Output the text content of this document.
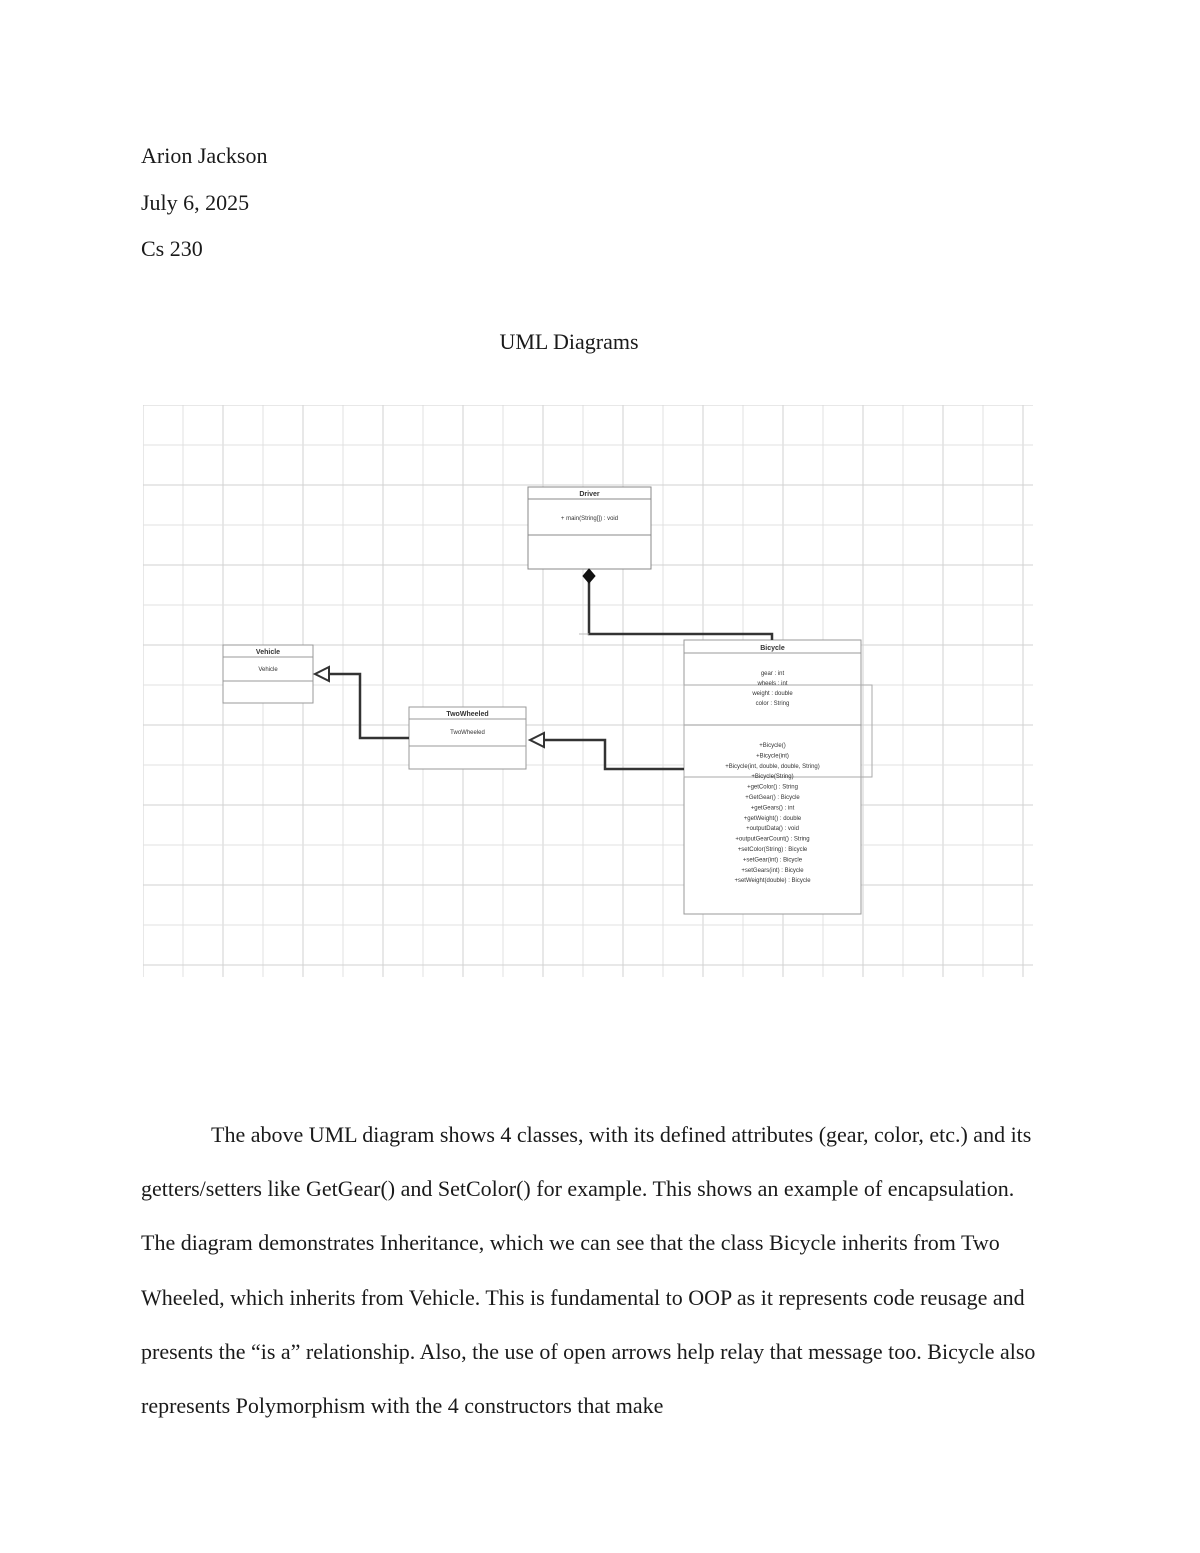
Arion Jackson

July 6, 2025

Cs 230

UML Diagrams
Driver
+ main(String[]) : void
Vehicle
Vehicle
TwoWheeled
TwoWheeled
Bicycle
gear : int
wheels : int
weight : double
color : String
+Bicycle()
+Bicycle(int)
+Bicycle(int, double, double, String)
+Bicycle(String)
+getColor() : String
+GetGear() : Bicycle
+getGears() : int
+getWeight() : double
+outputData() : void
+outputGearCount() : String
+setColor(String) : Bicycle
+setGear(int) : Bicycle
+setGears(int) : Bicycle
+setWeight(double) : Bicycle

The above UML diagram shows 4 classes, with its defined attributes (gear, color, etc.) and its getters/setters like GetGear() and SetColor() for example. This shows an example of encapsulation. The diagram demonstrates Inheritance, which we can see that the class Bicycle inherits from Two Wheeled, which inherits from Vehicle. This is fundamental to OOP as it represents code reusage and presents the “is a” relationship. Also, the use of open arrows help relay that message too. Bicycle also represents Polymorphism with the 4 constructors that make
